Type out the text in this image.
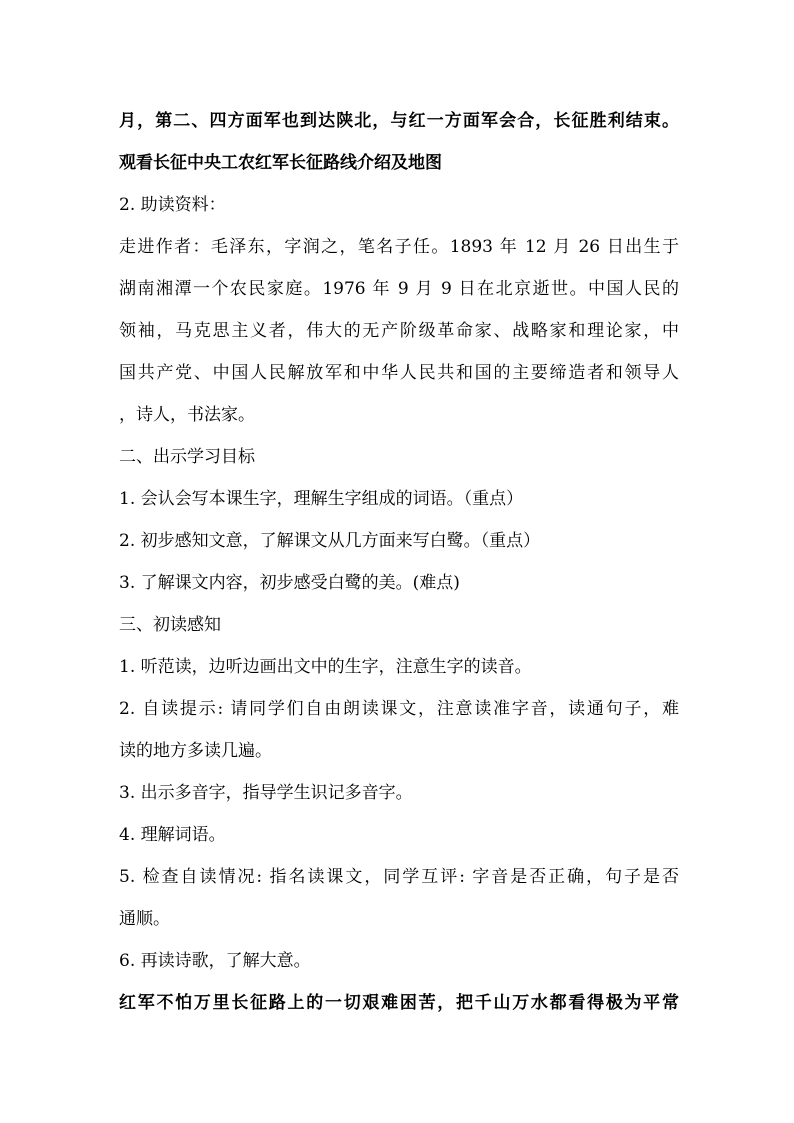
月，第二、四方面军也到达陕北，与红一方面军会合，长征胜利结束。
观看长征中央工农红军长征路线介绍及地图
2. 助读资料：
走进作者：毛泽东，字润之，笔名子任。1893 年 12 月 26 日出生于
湖南湘潭一个农民家庭。1976 年 9 月 9 日在北京逝世。中国人民的
领袖，马克思主义者，伟大的无产阶级革命家、战略家和理论家，中
国共产党、中国人民解放军和中华人民共和国的主要缔造者和领导人
，诗人，书法家。
二、出示学习目标
1. 会认会写本课生字，理解生字组成的词语。（重点）
2. 初步感知文意，了解课文从几方面来写白鹭。（重点）
3. 了解课文内容，初步感受白鹭的美。(难点)
三、初读感知
1. 听范读，边听边画出文中的生字，注意生字的读音。
2. 自读提示: 请同学们自由朗读课文，注意读准字音，读通句子，难
读的地方多读几遍。
3. 出示多音字，指导学生识记多音字。
4. 理解词语。
5. 检查自读情况: 指名读课文，同学互评: 字音是否正确，句子是否
通顺。
6. 再读诗歌，了解大意。
红军不怕万里长征路上的一切艰难困苦，把千山万水都看得极为平常
